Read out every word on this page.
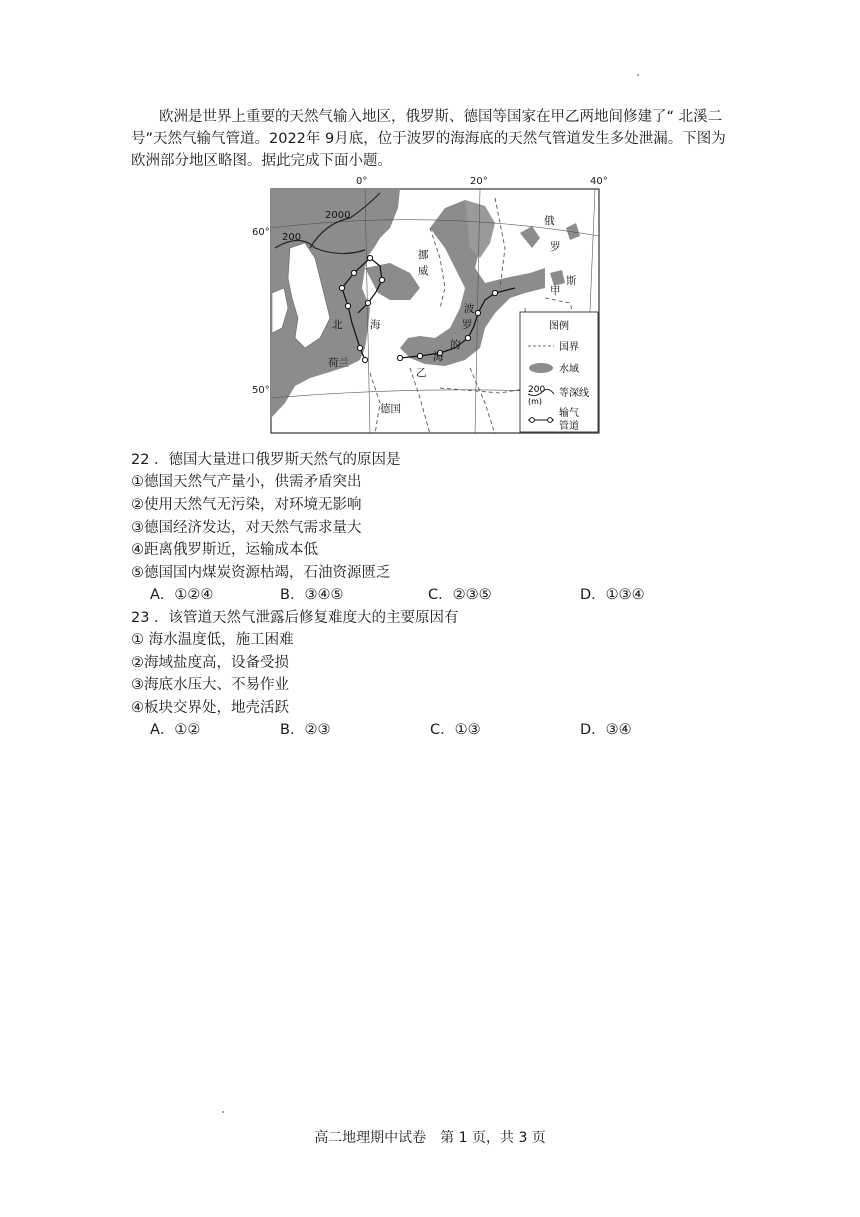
欧洲是世界上重要的天然气输入地区，俄罗斯、德国等国家在甲乙两地间修建了“ 北溪二号”天然气输气管道。2022年 9月底，位于波罗的海海底的天然气管道发生多处泄漏。下图为欧洲部分地区略图。据此完成下面小题。

图例
国界
水域
200
(m)
等深线
输气
管道
2000
200
挪
威
北	海
荷兰
德国
波
罗
的
海
俄
罗
斯
甲
乙
0°	20°	40°
60°
50°

22 ．德国大量进口俄罗斯天然气的原因是

①德国天然气产量小，供需矛盾突出

②使用天然气无污染，对环境无影响

③德国经济发达，对天然气需求量大

④距离俄罗斯近，运输成本低

⑤德国国内煤炭资源枯竭，石油资源匮乏

A．①②④	B．③④⑤	C．②③⑤	D．①③④

23 ．该管道天然气泄露后修复难度大的主要原因有

① 海水温度低，施工困难

②海域盐度高，设备受损

③海底水压大、不易作业

④板块交界处，地壳活跃

A．①②	B．②③	C．①③	D．③④
高二地理期中试卷　第 1 页，共 3 页
